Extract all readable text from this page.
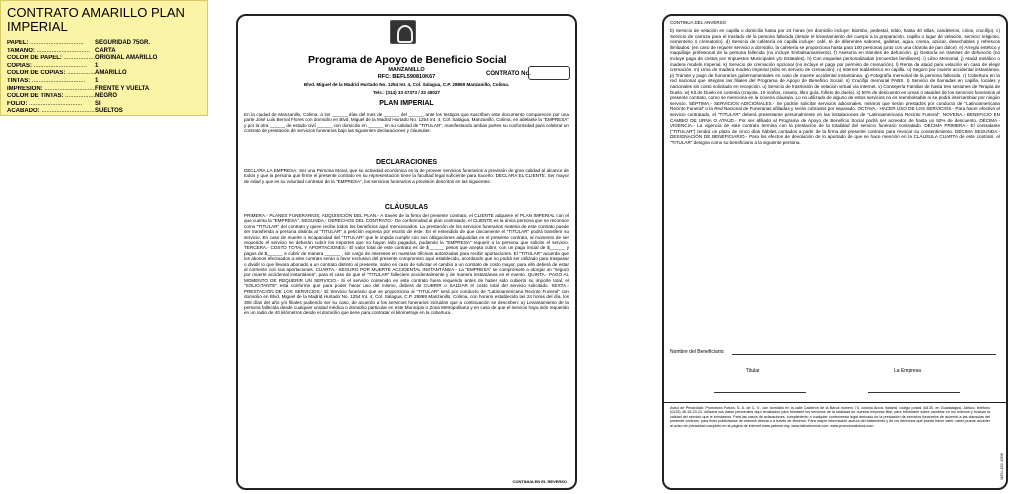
CONTRATO AMARILLO PLAN IMPERIAL
PAPEL: .....	SEGURIDAD 75GR.
TAMAÑO: .....	CARTA
COLOR DE PAPEL: .....	ORIGINAL AMARILLO
COPIAS: .....	1
COLOR DE COPIAS: .....	AMARILLO
TINTAS: .....	1
IMPRESIÓN: .....	FRENTE Y VUELTA
COLOR DE TINTAS: .....	NEGRO
FOLIO: .....	SI
ACABADO: .....	SUELTOS
Programa de Apoyo de Beneficio Social
MANZANILLO
RFC: BEFL590810K67
Blvd. Miguel de la Madrid Hurtado No. 1254 Int. 4, Col. Salagua, C.P. 28869 Manzanillo, Colima.
Tels.: (314) 33 47373 / 33 48027
CONTRATO No.
PLAN IMPERIAL
En la ciudad de Manzanillo, Colima, a los ______ días del mes de ______ del ______ ante los testigos que suscriben este documento comparecen por una parte José Luis Bernal Flores con domicilio en Blvd. Miguel de la Madrid Hurtado No. 1254 Int. 4, Col. Salagua, Manzanillo, Colima, en adelante la "EMPRESA" y por la otra ______ de estado civil ______ con domicilio en ______ en su calidad de "TITULAR", manifestando ambas partes su conformidad para celebrar un contrato de prestación de servicios funerarios bajo las siguientes declaraciones y cláusulas:
DECLARACIONES
DECLARA LA EMPRESA: Ser una Persona Moral, que su actividad económica es la de proveer servicios funerarios a previsión de gran calidad al alcance de todos y que la persona que firme el presente contrato en su representación tiene la facultad legal suficiente para hacerlo. DECLARA EL CLIENTE: Ser mayor de edad y que es su voluntad contratar de la "EMPRESA", los servicios funerarios a previsión descritos en las siguientes:
CLÁUSULAS
PRIMERA.- PLANES FUNERARIOS, ADQUISICIÓN DEL PLAN.- A través de la firma del presente contrato, el CLIENTE adquiere el PLAN IMPERIAL con el que cuenta la "EMPRESA". SEGUNDA.- DERECHOS DEL CONTRATO.- De conformidad al plan contratado, el CLIENTE es la única persona que se reconoce como "TITULAR" del contrato y quien recibe todos los beneficios aquí mencionados. La prestación de los servicios funerarios materia de este contrato puede ser transferida a persona distinta al "TITULAR" a petición expresa por escrito de éste. En el entendido de que únicamente el "TITULAR" podrá transferir su servicio. En caso de muerte o incapacidad del "TITULAR" que le impida cumplir con sus obligaciones adquiridas en el presente contrato, al momento de ser requerido el servicio se deberán cubrir los importes que no hayan sido pagados, pudiendo la "EMPRESA" requerir a la persona que solicite el servicio. TERCERA.- COSTO TOTAL Y APORTACIONES.- El valor total de este contrato es de $______ pesos que acepta cubrir, con un pago inicial de $______ y pagos de $______ a cubrir de manera ______ , sin cargo de intereses en nuestras oficinas autorizadas para recibir aportaciones. El "TITULAR" acuerda que los abonos efectuados a este contrato serán a favor exclusivo del presente compromiso aquí establecido, acordando que no podrá ser utilizado para traspasar o dividir lo que llevara abonado a un contrato distinto al presente, salvo en caso de solicitar el cambio a un contrato de costo mayor, para ello deberá de estar al corriente con sus aportaciones. CUARTA.- SEGURO POR MUERTE ACCIDENTAL INSTANTÁNEA.- La "EMPRESA" se compromete a otorgar un "seguro por muerte accidental instantánea", para el caso de que el "TITULAR" falleciere accidentalmente y de manera instantánea en el evento. QUINTA.- PAGO AL MOMENTO DE REQUERIR UN SERVICIO.- Si el servicio contenido en este contrato fuera requerido antes de haber sido cubierto su importe total, el "SOLICITANTE" está conforme que para poder hacer uso del mismo, deberá de CUBRIR o SALDAR el costo total del servicio solicitado. SEXTA.- PRESTACIÓN DE LOS SERVICIOS.- El Servicio funerario que se proporciona al "TITULAR" será por conducto de "Latinoamericana Recinto Funeral" con domicilio en Blvd. Miguel de la Madrid Hurtado No. 1254 Int. 4, Col. Salagua, C.P. 28869 Manzanillo, Colima, con horario establecido las 24 horas del día, los 365 días del año y/o filiales pudiendo ser su caso, de acuerdo a los servicios funerarios incluidos que a continuación se describen: a) Levantamiento de la persona fallecida desde cualquier unidad médica o domicilio particular en este Municipio o Zona Metropolitana y en caso de que el servicio haya sido requerido en un radio de 40 kilómetros desde el domicilio que tiene para contratar el kilometraje en la cobertura.
CONTINUA EN EL REVERSO
CONTINUA DEL ANVERSO
b) Servicio de velación en capilla o domicilio hasta por 24 horas (en domicilio incluye: Biombo, pedestal, toldo, hasta 40 sillas, candeleros, cirios, crucifijo). c) Servicio de carroza para el traslado de la persona fallecida (desde el levantamiento del cuerpo a la preparación, capilla o lugar de velación, servicio religioso, cementerio o crematorio). d) Servicio de cafetería en capilla incluye: café, té de diferentes sabores, galletas, agua, crema, azúcar, desechables y refrescos ilimitados. (en caso de requerir servicio a domicilio, la cafetería se proporciona hasta para 100 personas junto con una charola de pan dulce). e) Arreglo estético y maquillaje profesional de la persona fallecida (no incluye Embalsamamiento). f) Asesoría en trámites de defunción. g) Gestoría en trámites de defunción (no incluye pago de costos por Impuestos Municipales y/o Estatales). h) Con esquelas personalizadas (recuerdos familiares). i) Libro Memorial. j) Ataúd metálico o madera modelo Imperial. k) Servicio de cremación opcional (no incluye el pago por permiso de cremación). l) Renta de ataúd para velación en caso de elegir cremación. m) Urna de madera modelo Imperial (sólo en servicio de cremación). n) Internet Inalámbrico en capilla. o) Seguro por muerte accidental instantánea. p) Trámite y pago de honorarios gubernamentales en caso de muerte accidental instantánea. q) Fotografía memorial de la persona fallecida. r) Cobertura en la red nacional que integran las filiales del Programa de Apoyo de Beneficio Social. s) Crucifijo memorial PABS. t) Servicio de llamadas en capilla, locales y nacionales sin costo solicitado en recepción. u) Servicio de trasmisión de velación virtual vía internet. v) Consejería Familiar de hasta tres sesiones de Terapia de Duelo. w) Kit de Duelo en cortesía (crayola, 10 moños, rosario, libro guía, folleto de duelo). x) 50% de descuento en urnas o ataúdes de los servicios funerarios al presente contrato, como se menciona en la novena cláusula. Lo no utilizado de alguno de estos servicios no es reembolsable ni se podrá intercambiar por ningún servicio. SÉPTIMA.- SERVICIOS ADICIONALES.- Se podrán solicitar servicios adicionales, mismos que serán prestados por conducto de "Latinoamericana Recinto Funeral" o la Red Nacional de Funerarias afiliadas y serán cobrados por separado. OCTAVA.- HACER USO DE LOS SERVICIOS.- Para hacer efectivo el servicio contratado, el "TITULAR" deberá presentarse personalmente en las instalaciones de "Latinoamericana Recinto Funeral". NOVENA.- BENEFICIO EN CAMBIO DE URNA O ATAÚD.- Por ser afiliado al Programa de Apoyo de Beneficio Social podrá ser acreedor de hasta un 50% de descuento. DÉCIMA.- VIGENCIA.- La vigencia de este contrato termina con la prestación de la totalidad del servicio funerario contratado. DÉCIMA PRIMERA.- El contratante ("TITULAR") tendrá un plazo de cinco días hábiles contados a partir de la firma del presente contrato para revocar su consentimiento. DÉCIMA SEGUNDA.- DESIGNACIÓN DE BENEFICIARIO.- Para los efectos de devolución de lo aportado de que se hace mención en la CLÁUSULA CUARTA de este contrato, el "TITULAR" designa como su beneficiario a la siguiente persona.
Nombre del Beneficiario:
Titular	La Empresa
Aviso de Privacidad: Promotora Futura, S. A. de C. V., con domicilio en la calle Calderón de la Barca número 74, colonia Arcos Vallarta, código postal 44130, en Guadalajara, Jalisco, teléfono (0133) 36-15-33-23, utilizará sus datos personales aquí recabados para brindarle los servicios de la totalidad de nuestra empresa filial; para informarle sobre cambios en los mismos y evaluar la calidad del servicio que le brindamos. Para las casos de aclaraciones, cumplimiento o cualquier controversia legal derivado de la prestación de servicios funerarios de acuerdo a las cláusulas del presente contrato; para fines publicitarios de manera directa o a través de terceros. Para mayor información acerca del tratamiento y de los derechos que puede hacer valer, usted puede acceder al aviso de privacidad completo en la página de internet www.pabsmr.org; www.latinofuneral.com; www.promotorafutura.com.
MZN-152-1909
